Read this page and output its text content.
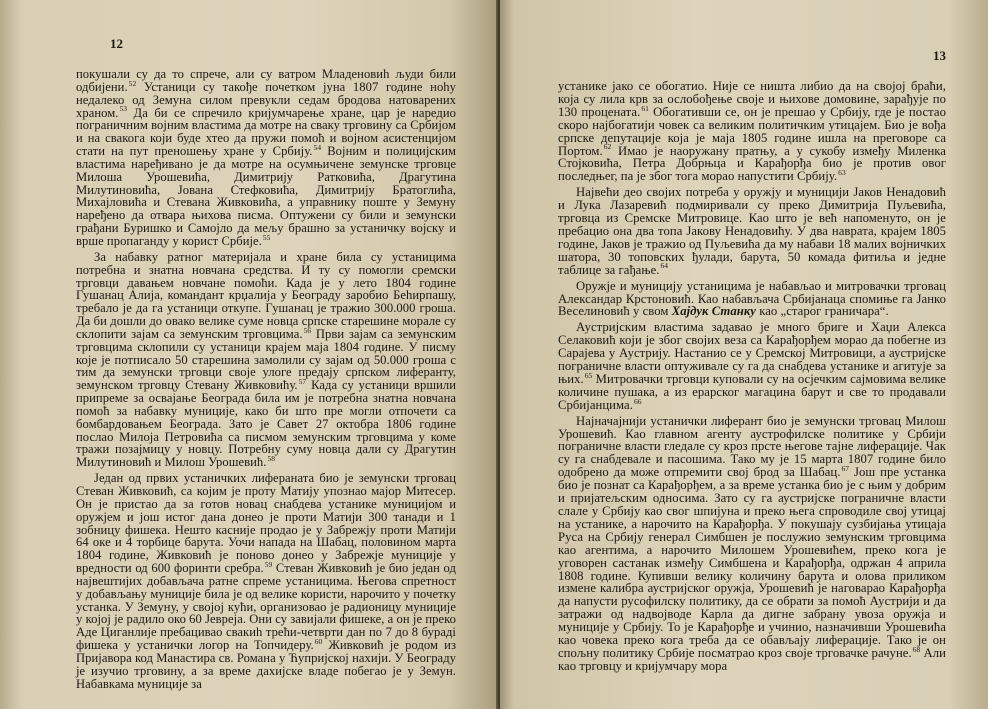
12

покушали су да то спрече, али су ватром Младеновиһ људи били одбијени.$^{52}$ Устаници су такође почетком јуна 1807 године ноһу недалеко од Земуна силом превукли седам бродова натоварених храном.$^{53}$ Да би се спречило кријумчарење хране, цар је наредио пограничним војним властима да мотре на сваку трговину са Србијом и на свакога који буде хтео да пружи помоћ и војном асистенцијом стати на пут преношењу хране у Србију.$^{54}$ Војним и полицијским властима наређивано је да мотре на осумњичене земунске трговце Милоша Урошевића, Димитрију Ратковића, Драгутина Милутиновића, Јована Стефковића, Димитрију Братоглића, Михајловића и Стевана Живковића, а управнику поште у Земуну наређено да отвара њихова писма. Оптужени су били и земунски грађани Буришко и Самојло да мељу брашно за устаничку војску и врше пропаганду у корист Србије.$^{55}$

За набавку ратног материјала и хране била су устаницима потребна и знатна новчана средства. И ту су помогли сремски трговци давањем новчане помоћи. Када је у лето 1804 године Гушанац Алија, командант крџалија у Београду заробио Беһирпашу, требало је да га устаници откупе. Гушанац је тражио 300.000 гроша. Да би дошли до овако велике суме новца српске старешине морале су склопити зајам са земунским трговцима.$^{56}$ Први зајам са земунским трговцима склопили су устаници крајем маја 1804 године. У писму које је потписало 50 старешина замолили су зајам од 50.000 гроша с тим да земунски трговци своје улоге предају српском лиферанту, земунском трговцу Стевану Живковићу.$^{57}$ Када су устаници вршили припреме за освајање Београда била им је потребна знатна новчана помоћ за набавку муниције, како би што пре могли отпочети са бомбардовањем Београда. Зато је Савет 27 октобра 1806 године послао Милоја Петровића са писмом земунским трговцима у коме тражи позајмицу у новцу. Потребну суму новца дали су Драгутин Милутиновић и Милош Урошевић.$^{58}$

Један од првих устаничких лифераната био је земунски трговац Стеван Живковић, са којим је проту Матију упознао мајор Митесер. Он је пристао да за готов новац снабдева устанике муницијом и оружјем и још истог дана донео је проти Матији 300 танади и 1 зобницу фишека. Нешто касније продао је у Забрежју проти Матији 64 оке и 4 торбице барута. Уочи напада на Шабац, половином марта 1804 године, Живковић је поново донео у Забрежје муниције у вредности од 600 форинти сребра.$^{59}$ Стеван Живковић је био један од највештијих добављача ратне спреме устаницима. Његова спретност у добављању муниције била је од велике користи, нарочито у почетку устанка. У Земуну, у својој кући, организовао је радионицу муниције у којој је радило око 60 Јевреја. Они су завијали фишеке, а он је преко Аде Циганлије пребацивао свакиh трећи-четврти дан по 7 до 8 бурадi фишека у устанички логор на Топчидеру.$^{60}$ Живковић је родом из Пријавора код Манастира св. Романа у Ћупријској нахији. У Београду је изучио трговину, а за време дахијске владе побегао је у Земун. Набавкама муниције за

13

устанике јако се обогатио. Није се ништа либио да на својој браћи, која су лила крв за ослобођење своје и њихове домовине, зарађује по 130 процената.$^{61}$ Обогативши се, он је прешао у Србију, где је постао скоро најбогатији човек са великим политичким утицајем. Био је вођа српске депутације која је маја 1805 године ишла на преговоре са Портом.$^{62}$ Имао је наоружану пратњу, а у сукобу између Миленка Стојковића, Петра Добрњца и Карађорђа био је против овог последњег, па је због тога морао напустити Србију.$^{63}$

Највећи део својих потреба у оружју и муницији Јаков Ненадовић и Лука Лазаревић подмиривали су преко Димитрија Пуљевића, трговца из Сремске Митровице. Као што је већ напоменуто, он је пребацио она два топа Јакову Ненадовићу. У два наврата, крајем 1805 године, Јаков је тражио од Пуљевића да му набави 18 малих војничких шатора, 30 топовских ђулади, барута, 50 комада фитиља и једне таблице за гађање.$^{64}$

Оружје и муницију устаницима је набављао и митровачки трговац Александар Крстоновић. Као набављача Србијанаца спомиње га Јанко Веселиновић у свом Хајдук Станку као „старог граничара“.

Аустријским властима задавао је много бриге и Хаџи Алекса Селаковић који је због својих веза са Карађорђем морао да побегне из Сарајева у Аустрију. Настанио се у Сремској Митровици, а аустријске пограничне власти оптуживале су га да снабдева устанике и агитује за њих.$^{65}$ Митровачки трговци куповали су на осјечким сајмовима велике количине пушака, а из ерарског магацина барут и све то продавали Србијанцима.$^{66}$

Најначајнији устанички лиферант био је земунски трговац Милош Урошевић. Као главном агенту аустрофилске политике у Србији пограничне власти гледале су кроз прсте његове тајне лиферације. Чак су га снабдевале и пасошима. Тако му је 15 марта 1807 године било одобрено да може отпремити свој брод за Шабац.$^{67}$ Још пре устанка био је познат са Карађорђем, а за време устанка био је с њим у добрим и пријатељским односима. Зато су га аустријске пограничне власти слале у Србију као свог шпијуна и преко њега спроводиле свој утицај на устанике, а нарочито на Карађорђа. У покушају сузбијања утицаја Руса на Србију генерал Симбшен је послужио земунским трговцима као агентима, а нарочито Милошем Урошевићем, преко кога је уговорен састанак између Симбшена и Карађорђа, одржан 4 априла 1808 године. Купивши велику количину барута и олова приликом измене калибра аустријског оружја, Урошевић је наговарао Карађорђа да напусти русофилску политику, да се обрати за помоћ Аустрији и да затражи од надвојводе Карла да дигне забрану увоза оружја и муниције у Србију. То је Карађорђе и учинио, назначивши Урошевића као човека преко кога треба да се обављају лиферације. Тако је он спољну политику Србије посматрао кроз своје трговачке рачуне.$^{68}$ Али као трговцу и кријумчару мора
